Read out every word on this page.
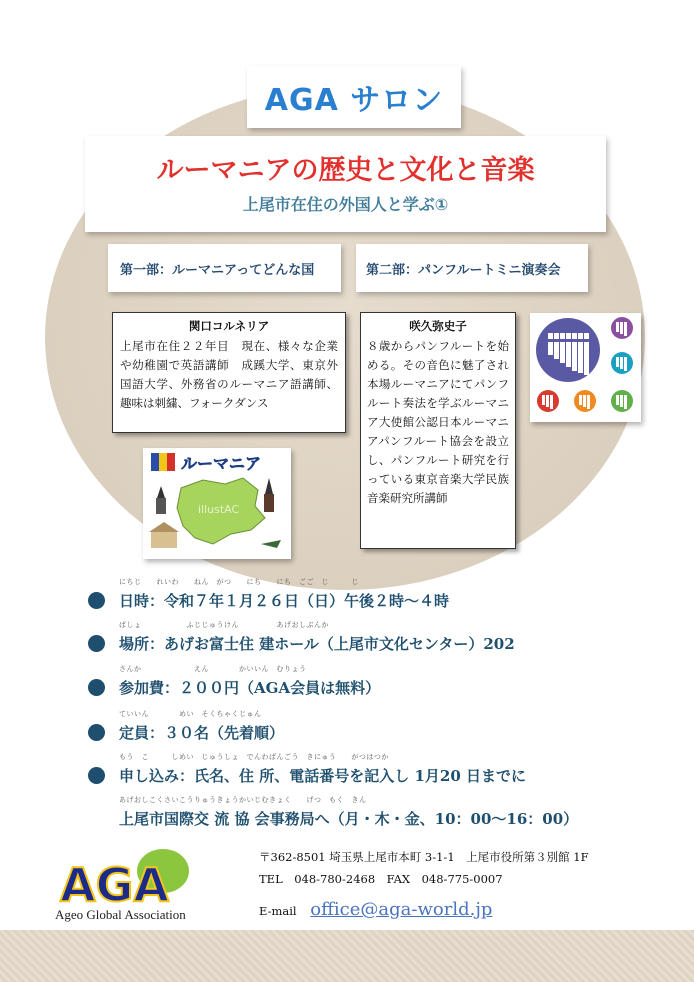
AGA サロン
ルーマニアの歴史と文化と音楽
上尾市在住の外国人と学ぶ①
第一部：ルーマニアってどんな国	第二部：パンフルートミニ演奏会
関口コルネリア
上尾市在住２２年目　現在、様々な企業や幼稚園で英語講師　成蹊大学、東京外国語大学、外務省のルーマニア語講師、趣味は刺繍、フォークダンス
咲久弥史子
８歳からパンフルートを始める。その音色に魅了され本場ルーマニアにてパンフルート奏法を学ぶルーマニア大使館公認日本ルーマニアパンフルート協会を設立し、パンフルート研究を行っている東京音楽大学民族音楽研究所講師
ルーマニア
illustAC
にちじ　　れいわ　　ねん　がつ　　にち　　にち　ごご　じ　　　じ
日時：令和７年１月２６日（日）午後２時～４時
ばしょ　　　　　　ふじじゅうけん　　　　　あげおしぶんか
場所：あげお富士住 建ホール（上尾市文化センター）202
さんか　　　　　　　えん　　　　かいいん　むりょう
参加費：２００円（AGA会員は無料）
ていいん　　　　めい　そくちゃくじゅん
定員：３０名（先着順）
もう　こ　　　しめい　じゅうしょ　でんわばんごう　きにゅう　　がつはつか
申し込み：氏名、住 所、電話番号を記入し 1月20 日までに
あげおしこくさいこうりゅうきょうかいじむきょく　　げつ　もく　きん
上尾市国際交 流 協 会事務局へ（月・木・金、10：00～16：00）
AGA
Ageo Global Association
〒362-8501 埼玉県上尾市本町 3-1-1　上尾市役所第３別館 1F
TEL　048-780-2468　FAX　048-775-0007
E-mail office@aga-world.jp
